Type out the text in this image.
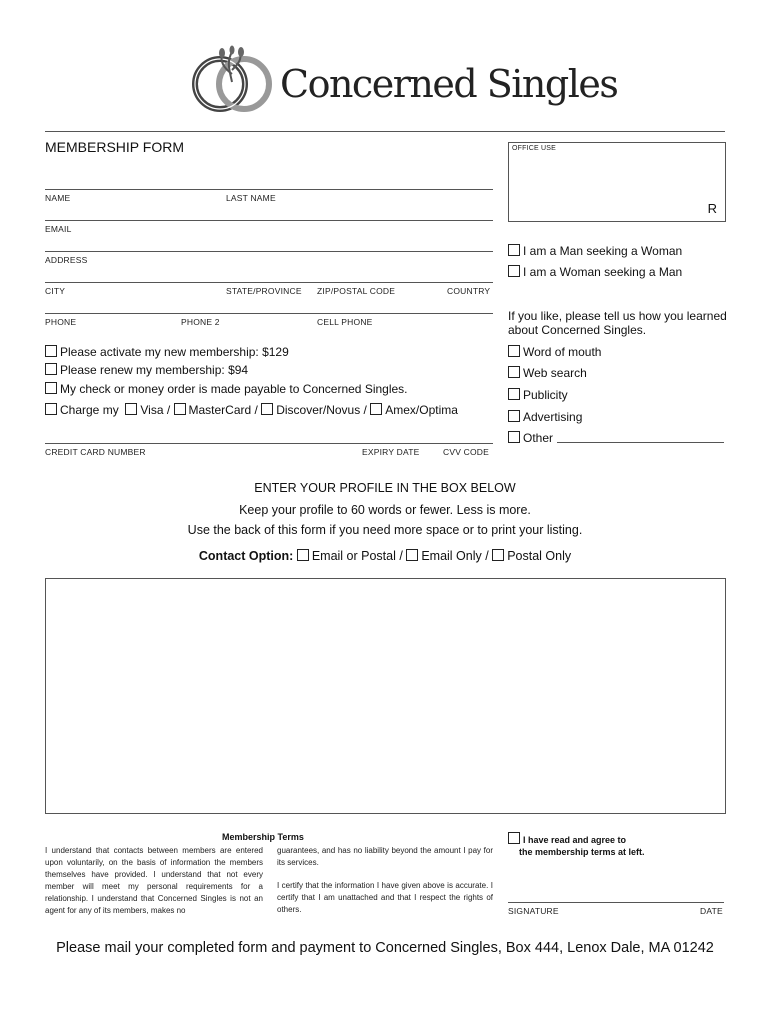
Concerned Singles
MEMBERSHIP FORM
NAME	LAST NAME
EMAIL
ADDRESS
CITY	STATE/PROVINCE ZIP/POSTAL CODE	COUNTRY
PHONE	PHONE 2	CELL PHONE
Please activate my new membership: $129
Please renew my membership: $94
My check or money order is made payable to Concerned Singles.
Charge my Visa / MasterCard / Discover/Novus / Amex/Optima
CREDIT CARD NUMBER	EXPIRY DATE	CVV CODE
OFFICE USE
R
I am a Man seeking a Woman
I am a Woman seeking a Man
If you like, please tell us how you learned
about Concerned Singles.
Word of mouth
Web search
Publicity
Advertising
Other
ENTER YOUR PROFILE IN THE BOX BELOW
Keep your profile to 60 words or fewer. Less is more.
Use the back of this form if you need more space or to print your listing.
Contact Option: Email or Postal / Email Only / Postal Only
Membership Terms
I understand that contacts between members are entered upon voluntarily, on the basis of information the members themselves have provided. I understand that not every member will meet my personal requirements for a relationship. I understand that Concerned Singles is not an agent for any of its members, makes no
guarantees, and has no liability beyond the amount I pay for its services.
I certify that the information I have given above is accurate. I certify that I am unattached and that I respect the rights of others.
I have read and agree to
the membership terms at left.
SIGNATURE	DATE
Please mail your completed form and payment to Concerned Singles, Box 444, Lenox Dale, MA 01242
